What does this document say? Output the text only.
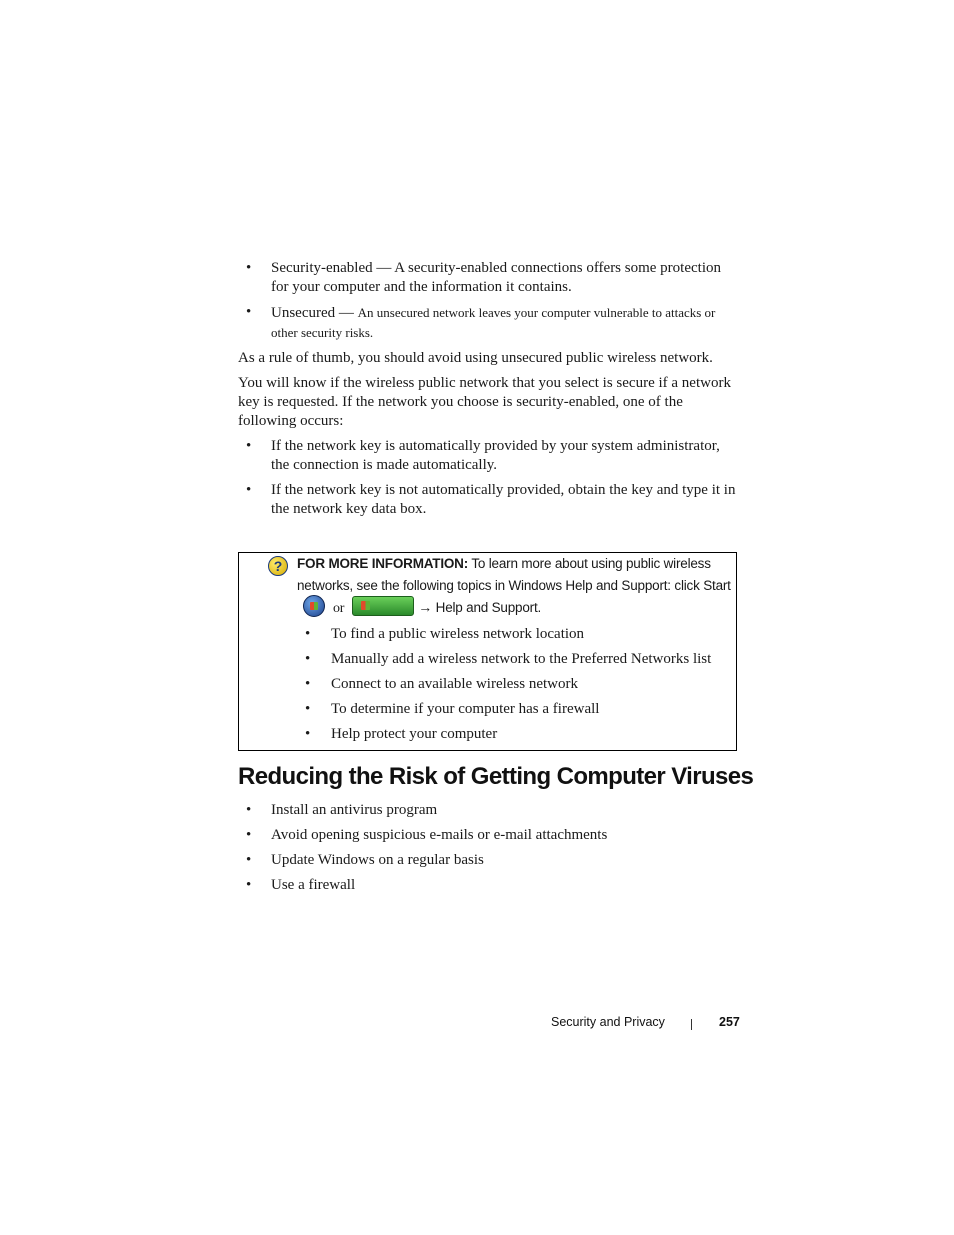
• Security-enabled — A security-enabled connections offers some protection for your computer and the information it contains.
• Unsecured — An unsecured network leaves your computer vulnerable to attacks or other security risks.

As a rule of thumb, you should avoid using unsecured public wireless network.

You will know if the wireless public network that you select is secure if a network key is requested. If the network you choose is security-enabled, one of the following occurs:

• If the network key is automatically provided by your system administrator, the connection is made automatically.
• If the network key is not automatically provided, obtain the key and type it in the network key data box.
?	FOR MORE INFORMATION: To learn more about using public wireless networks, see the following topics in Windows Help and Support: click Startor	→ Help and Support.
• To find a public wireless network location
• Manually add a wireless network to the Preferred Networks list
• Connect to an available wireless network
• To determine if your computer has a firewall
• Help protect your computer
Reducing the Risk of Getting Computer Viruses
• Install an antivirus program
• Avoid opening suspicious e-mails or e-mail attachments
• Update Windows on a regular basis
• Use a firewall
Security and Privacy	257
